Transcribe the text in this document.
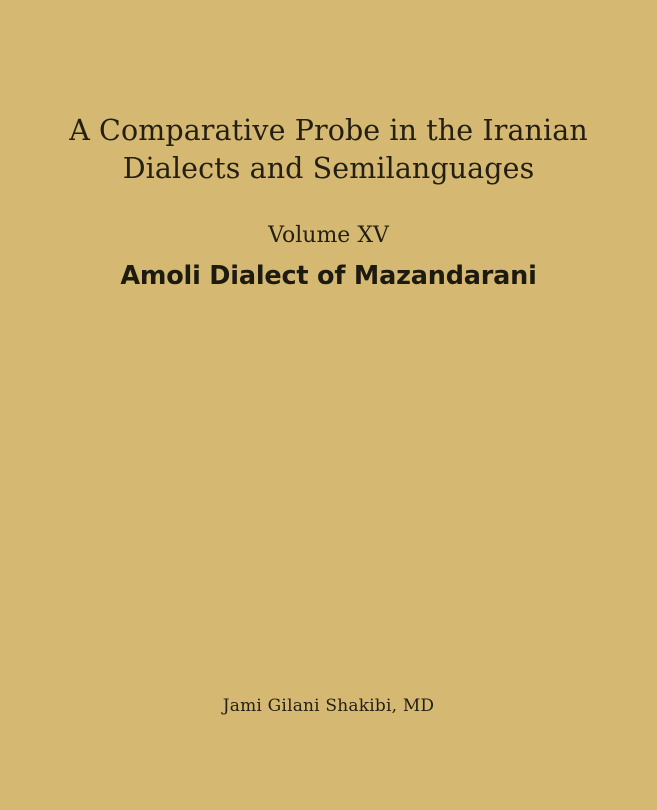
A Comparative Probe in the Iranian
Dialects and Semilanguages

Volume XV

Amoli Dialect of Mazandarani

Jami Gilani Shakibi, MD
